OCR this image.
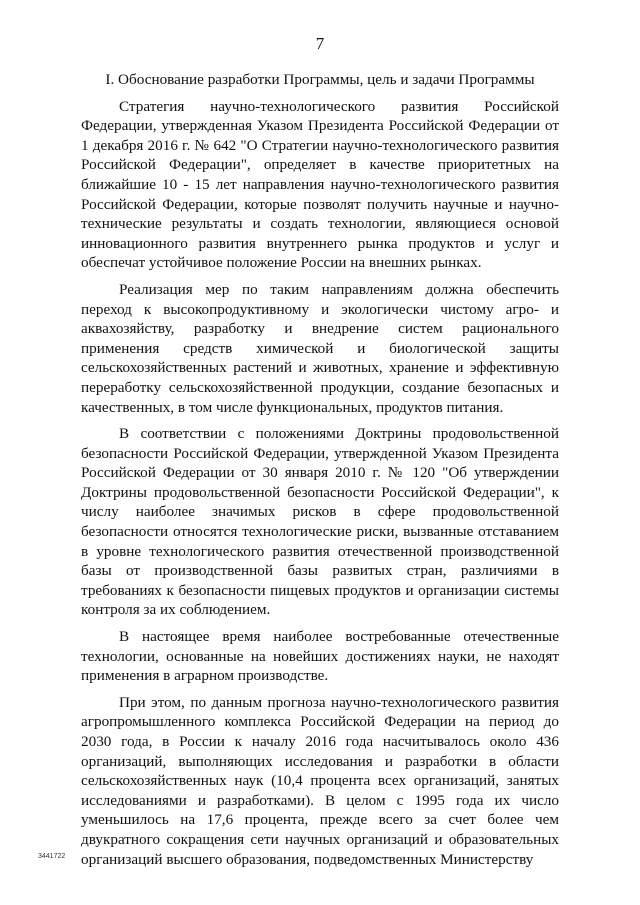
7
I. Обоснование разработки Программы, цель и задачи Программы

Стратегия научно-технологического развития Российской Федерации, утвержденная Указом Президента Российской Федерации от 1 декабря 2016 г. № 642 "О Стратегии научно-технологического развития Российской Федерации", определяет в качестве приоритетных на ближайшие 10 - 15 лет направления научно-технологического развития Российской Федерации, которые позволят получить научные и научно-технические результаты и создать технологии, являющиеся основой инновационного развития внутреннего рынка продуктов и услуг и обеспечат устойчивое положение России на внешних рынках.

Реализация мер по таким направлениям должна обеспечить переход к высокопродуктивному и экологически чистому агро- и аквахозяйству, разработку и внедрение систем рационального применения средств химической и биологической защиты сельскохозяйственных растений и животных, хранение и эффективную переработку сельскохозяйственной продукции, создание безопасных и качественных, в том числе функциональных, продуктов питания.

В соответствии с положениями Доктрины продовольственной безопасности Российской Федерации, утвержденной Указом Президента Российской Федерации от 30 января 2010 г. № 120 "Об утверждении Доктрины продовольственной безопасности Российской Федерации", к числу наиболее значимых рисков в сфере продовольственной безопасности относятся технологические риски, вызванные отставанием в уровне технологического развития отечественной производственной базы от производственной базы развитых стран, различиями в требованиях к безопасности пищевых продуктов и организации системы контроля за их соблюдением.

В настоящее время наиболее востребованные отечественные технологии, основанные на новейших достижениях науки, не находят применения в аграрном производстве.

При этом, по данным прогноза научно-технологического развития агропромышленного комплекса Российской Федерации на период до 2030 года, в России к началу 2016 года насчитывалось около 436 организаций, выполняющих исследования и разработки в области сельскохозяйственных наук (10,4 процента всех организаций, занятых исследованиями и разработками). В целом с 1995 года их число уменьшилось на 17,6 процента, прежде всего за счет более чем двукратного сокращения сети научных организаций и образовательных организаций высшего образования, подведомственных Министерству

3441722
